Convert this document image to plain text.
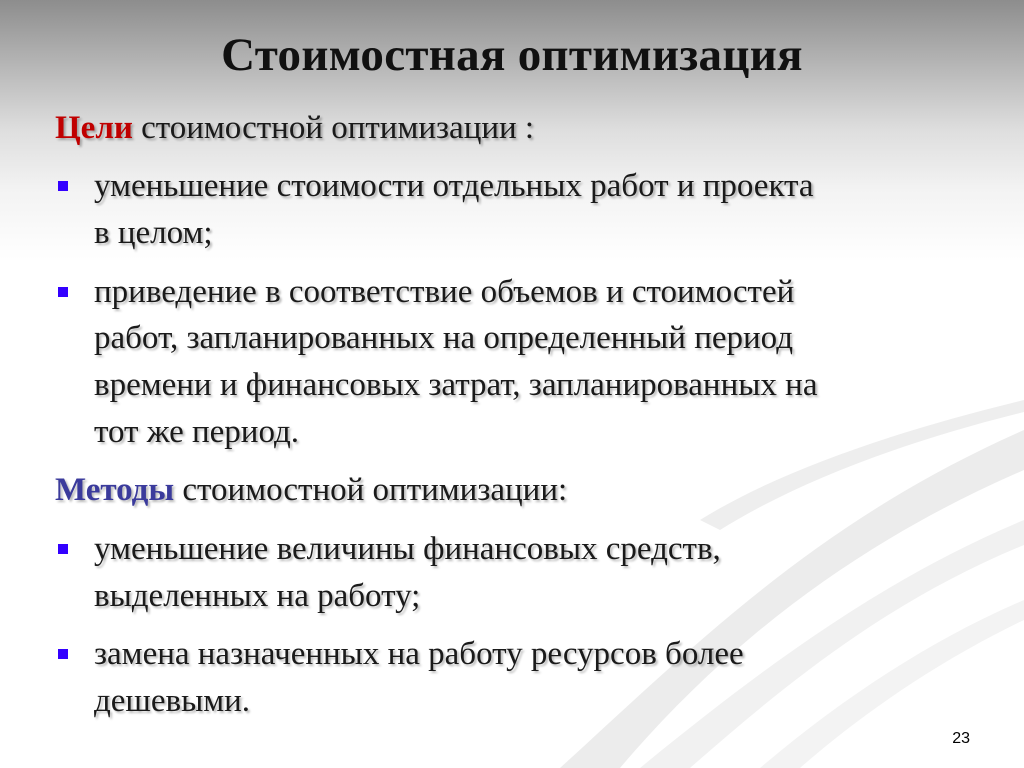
Стоимостная оптимизация
Цели стоимостной оптимизации :
уменьшение стоимости отдельных работ и проекта
в целом;
приведение в соответствие объемов и стоимостей
работ, запланированных на определенный период
времени и финансовых затрат, запланированных на
тот же период.
Методы стоимостной оптимизации:
уменьшение величины финансовых средств,
выделенных на работу;
замена назначенных на работу ресурсов более
дешевыми.
23
